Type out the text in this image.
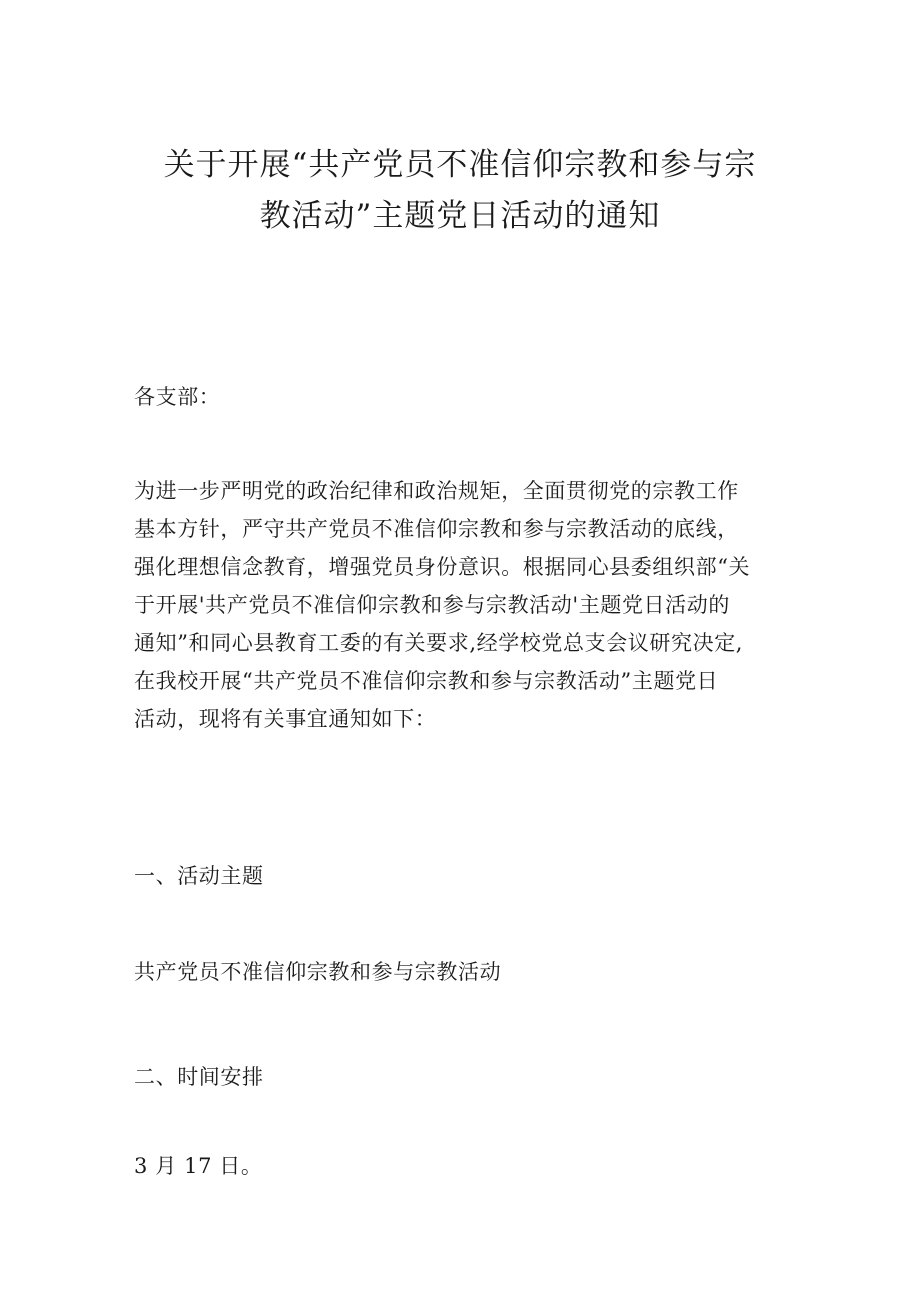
关于开展“共产党员不准信仰宗教和参与宗
教活动”主题党日活动的通知

各支部：

为进一步严明党的政治纪律和政治规矩，全面贯彻党的宗教工作
基本方针，严守共产党员不准信仰宗教和参与宗教活动的底线，
强化理想信念教育，增强党员身份意识。根据同心县委组织部“关
于开展'共产党员不准信仰宗教和参与宗教活动'主题党日活动的
通知”和同心县教育工委的有关要求,经学校党总支会议研究决定,
在我校开展“共产党员不准信仰宗教和参与宗教活动”主题党日
活动，现将有关事宜通知如下：

一、活动主题

共产党员不准信仰宗教和参与宗教活动

二、时间安排

3 月 17 日。
